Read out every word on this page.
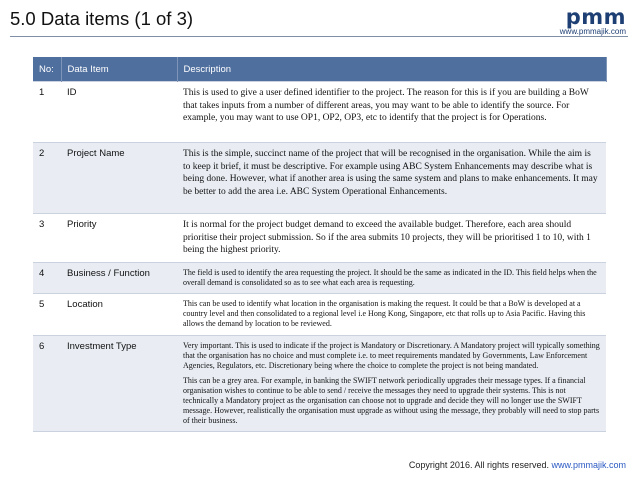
5.0 Data items (1 of 3)	pmm
www.pmmajik.com
No:	Data Item	Description
1	ID	This is used to give a user defined identifier to the project. The reason for this is if you are building a BoW that takes inputs from a number of different areas, you may want to be able to identify the source. For example, you may want to use OP1, OP2, OP3, etc to identify that the project is for Operations.
2	Project Name	This is the simple, succinct name of the project that will be recognised in the organisation. While the aim is to keep it brief, it must be descriptive. For example using ABC System Enhancements may describe what is being done. However, what if another area is using the same system and plans to make enhancements. It may be better to add the area i.e. ABC System Operational Enhancements.
3	Priority	It is normal for the project budget demand to exceed the available budget. Therefore, each area should prioritise their project submission. So if the area submits 10 projects, they will be prioritised 1 to 10, with 1 being the highest priority.
4	Business / Function	The field is used to identify the area requesting the project. It should be the same as indicated in the ID. This field helps when the overall demand is consolidated so as to see what each area is requesting.
5	Location	This can be used to identify what location in the organisation is making the request. It could be that a BoW is developed at a country level and then consolidated to a regional level i.e Hong Kong, Singapore, etc that rolls up to Asia Pacific. Having this allows the demand by location to be reviewed.
6	Investment Type	Very important. This is used to indicate if the project is Mandatory or Discretionary. A Mandatory project will typically something that the organisation has no choice and must complete i.e. to meet requirements mandated by Governments, Law Enforcement Agencies, Regulators, etc. Discretionary being where the choice to complete the project is not being mandated.

This can be a grey area. For example, in banking the SWIFT network periodically upgrades their message types. If a financial organisation wishes to continue to be able to send / receive the messages they need to upgrade their systems. This is not technically a Mandatory project as the organisation can choose not to upgrade and decide they will no longer use the SWIFT message. However, realistically the organisation must upgrade as without using the message, they probably will need to stop parts of their business.

Copyright 2016. All rights reserved. www.pmmajik.com
